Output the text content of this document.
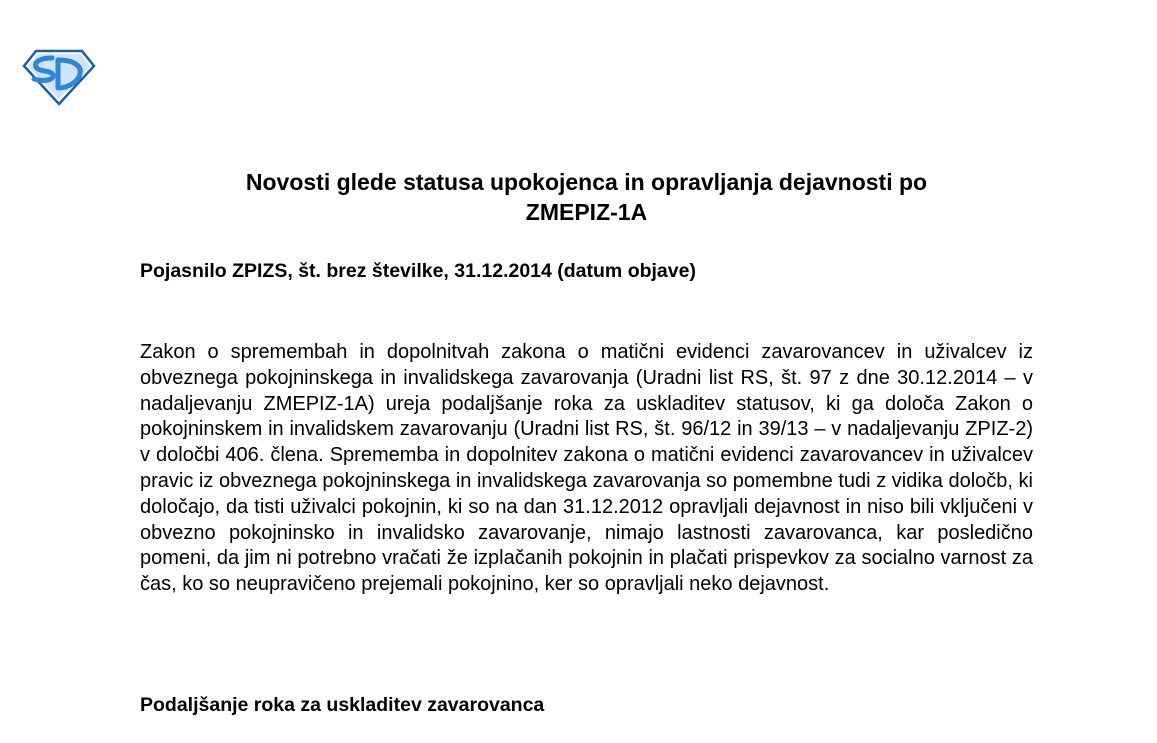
Novosti glede statusa upokojenca in opravljanja dejavnosti po
ZMEPIZ-1A

Pojasnilo ZPIZS, št. brez številke, 31.12.2014 (datum objave)

Zakon o spremembah in dopolnitvah zakona o matični evidenci zavarovancev in uživalcev iz obveznega pokojninskega in invalidskega zavarovanja (Uradni list RS, št. 97 z dne 30.12.2014 – v nadaljevanju ZMEPIZ-1A) ureja podaljšanje roka za uskladitev statusov, ki ga določa Zakon o pokojninskem in invalidskem zavarovanju (Uradni list RS, št. 96/12 in 39/13 – v nadaljevanju ZPIZ-2) v določbi 406. člena. Sprememba in dopolnitev zakona o matični evidenci zavarovancev in uživalcev pravic iz obveznega pokojninskega in invalidskega zavarovanja so pomembne tudi z vidika določb, ki določajo, da tisti uživalci pokojnin, ki so na dan 31.12.2012 opravljali dejavnost in niso bili vključeni v obvezno pokojninsko in invalidsko zavarovanje, nimajo lastnosti zavarovanca, kar posledično pomeni, da jim ni potrebno vračati že izplačanih pokojnin in plačati prispevkov za socialno varnost za čas, ko so neupravičeno prejemali pokojnino, ker so opravljali neko dejavnost.

Podaljšanje roka za uskladitev zavarovanca
